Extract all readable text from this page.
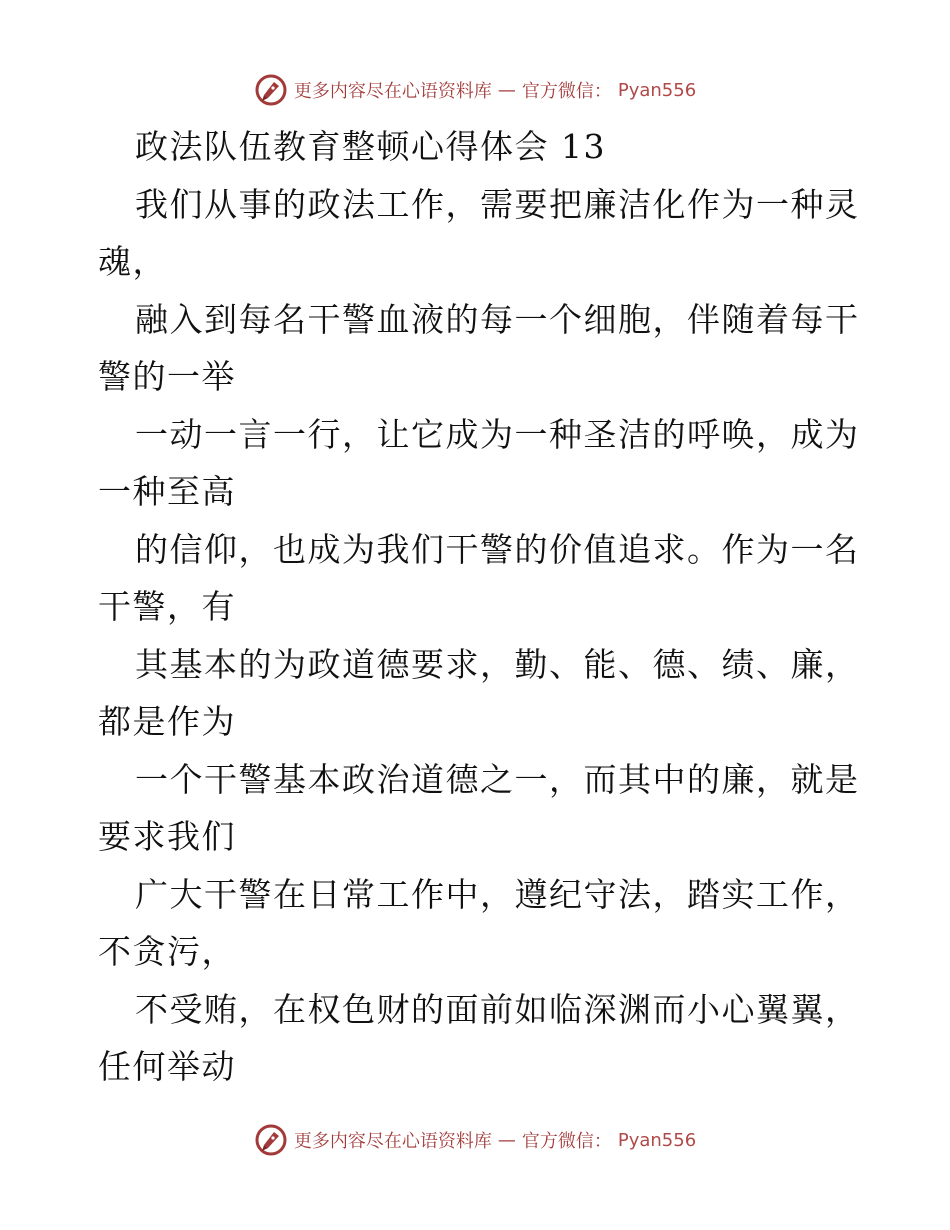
更多内容尽在心语资料库 — 官方微信： Pyan556
政法队伍教育整顿心得体会 13
我们从事的政法工作，需要把廉洁化作为一种灵
魂，
融入到每名干警血液的每一个细胞，伴随着每干
警的一举
一动一言一行，让它成为一种圣洁的呼唤，成为
一种至高
的信仰，也成为我们干警的价值追求。作为一名
干警，有
其基本的为政道德要求，勤、能、德、绩、廉，
都是作为
一个干警基本政治道德之一，而其中的廉，就是
要求我们
广大干警在日常工作中，遵纪守法，踏实工作，
不贪污，
不受贿，在权色财的面前如临深渊而小心翼翼，
任何举动
更多内容尽在心语资料库 — 官方微信： Pyan556
